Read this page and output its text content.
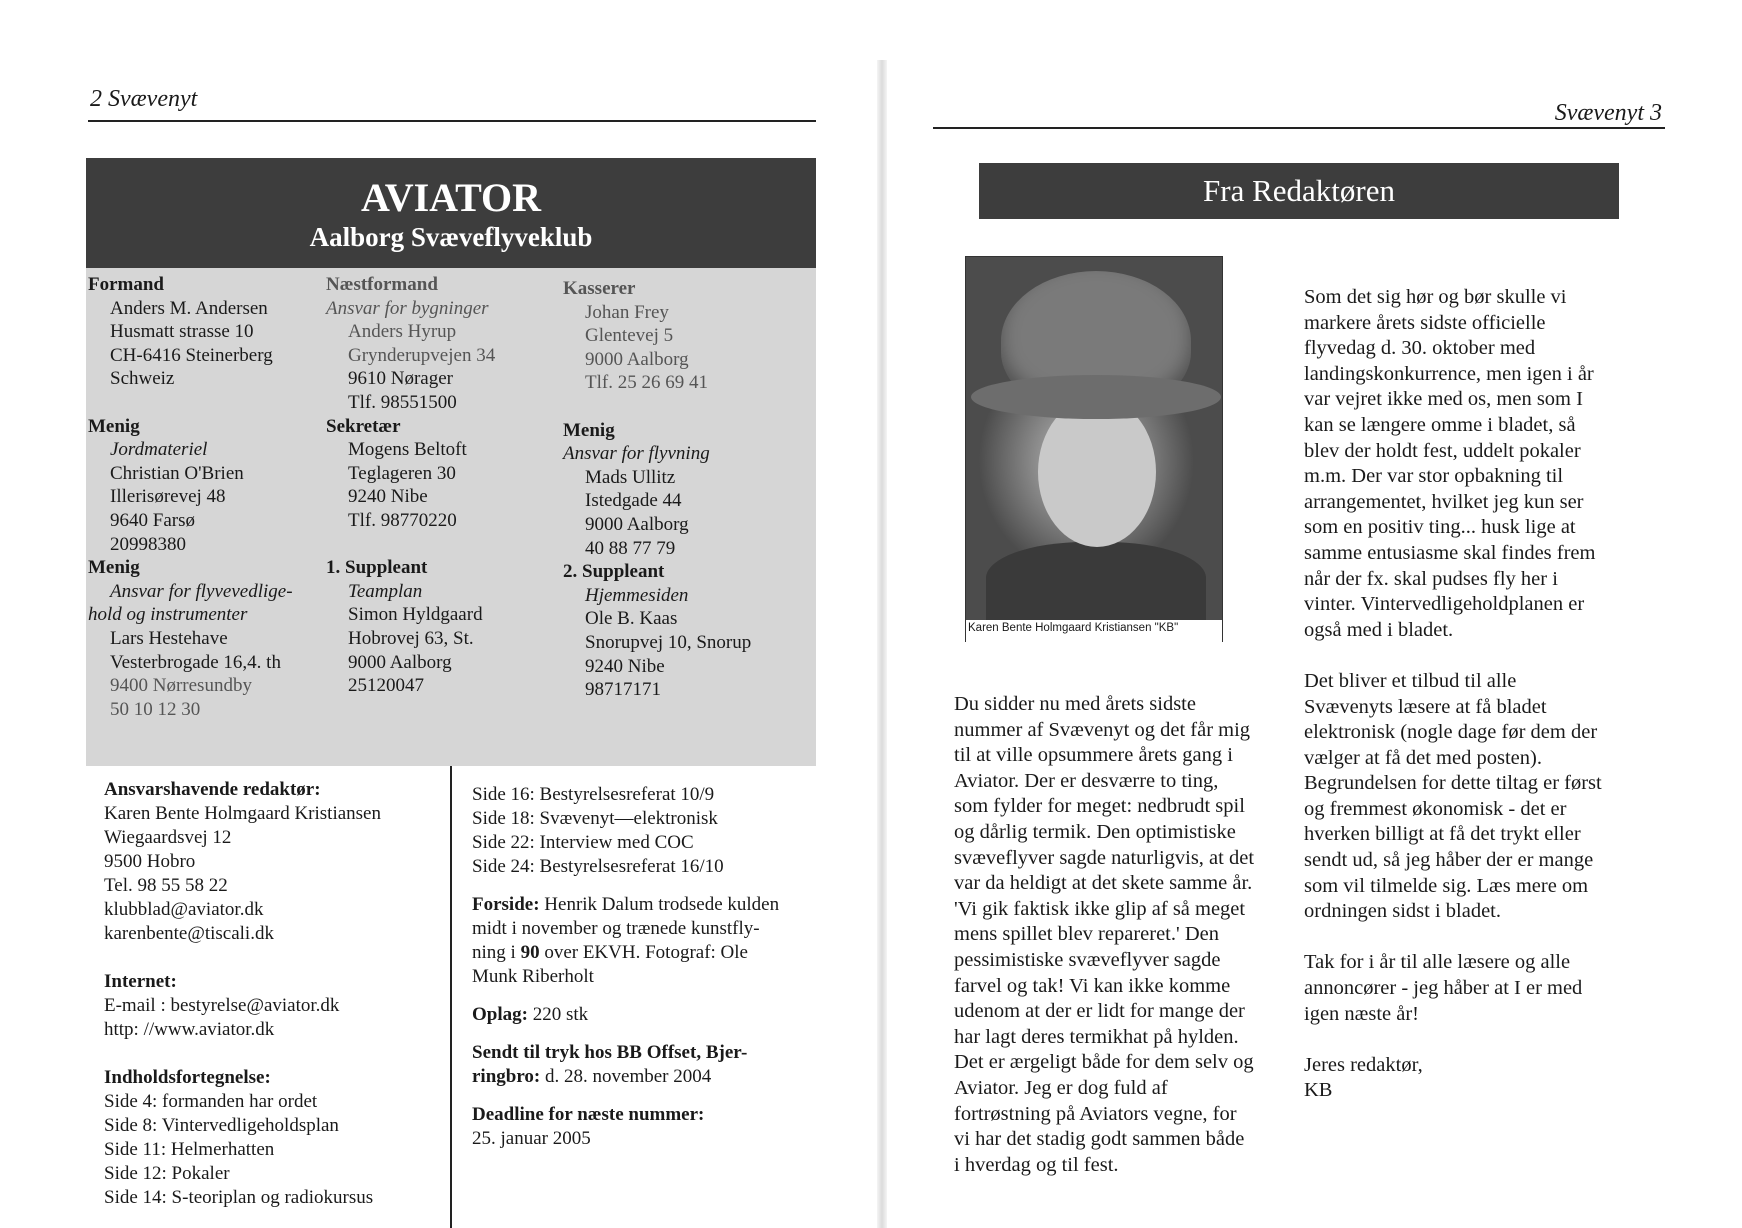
2 Svævenyt
AVIATOR
Aalborg Svæveflyveklub
Formand
Anders M. Andersen
Husmatt strasse 10
CH-6416 Steinerberg
Schweiz

Menig
Jordmateriel
Christian O'Brien
Illerisørevej 48
9640 Farsø
20998380
Menig
Ansvar for flyvevedlige-
hold og instrumenter
Lars Hestehave
Vesterbrogade 16,4. th
9400 Nørresundby
50 10 12 30
Næstformand
Ansvar for bygninger
Anders Hyrup
Grynderupvejen 34
9610 Nørager
Tlf. 98551500
Sekretær
Mogens Beltoft
Teglageren 30
9240 Nibe
Tlf. 98770220

1. Suppleant
Teamplan
Simon Hyldgaard
Hobrovej 63, St.
9000 Aalborg
25120047
Kasserer
Johan Frey
Glentevej 5
9000 Aalborg
Tlf. 25 26 69 41

Menig
Ansvar for flyvning
Mads Ullitz
Istedgade 44
9000 Aalborg
40 88 77 79
2. Suppleant
Hjemmesiden
Ole B. Kaas
Snorupvej 10, Snorup
9240 Nibe
98717171
Ansvarshavende redaktør:
Karen Bente Holmgaard Kristiansen
Wiegaardsvej 12
9500 Hobro
Tel. 98 55 58 22
klubblad@aviator.dk
karenbente@tiscali.dk

Internet:
E-mail : bestyrelse@aviator.dk
http: //www.aviator.dk

Indholdsfortegnelse:
Side 4: formanden har ordet
Side 8: Vintervedligeholdsplan
Side 11: Helmerhatten
Side 12: Pokaler
Side 14: S-teoriplan og radiokursus
Side 16: Bestyrelsesreferat 10/9
Side 18: Svævenyt—elektronisk
Side 22: Interview med COC
Side 24: Bestyrelsesreferat 16/10
Forside: Henrik Dalum trodsede kulden
midt i november og trænede kunstfly-
ning i 90 over EKVH. Fotograf: Ole
Munk Riberholt
Oplag: 220 stk
Sendt til tryk hos BB Offset, Bjer-
ringbro: d. 28. november 2004
Deadline for næste nummer:
25. januar 2005
Svævenyt 3
Fra Redaktøren
Karen Bente Holmgaard Kristiansen "KB"
Du sidder nu med årets sidste
nummer af Svævenyt og det får mig
til at ville opsummere årets gang i
Aviator. Der er desværre to ting,
som fylder for meget: nedbrudt spil
og dårlig termik. Den optimistiske
svæveflyver sagde naturligvis, at det
var da heldigt at det skete samme år.
'Vi gik faktisk ikke glip af så meget
mens spillet blev repareret.' Den
pessimistiske svæveflyver sagde
farvel og tak! Vi kan ikke komme
udenom at der er lidt for mange der
har lagt deres termikhat på hylden.
Det er ærgeligt både for dem selv og
Aviator. Jeg er dog fuld af
fortrøstning på Aviators vegne, for
vi har det stadig godt sammen både
i hverdag og til fest.
Som det sig hør og bør skulle vi
markere årets sidste officielle
flyvedag d. 30. oktober med
landingskonkurrence, men igen i år
var vejret ikke med os, men som I
kan se længere omme i bladet, så
blev der holdt fest, uddelt pokaler
m.m. Der var stor opbakning til
arrangementet, hvilket jeg kun ser
som en positiv ting... husk lige at
samme entusiasme skal findes frem
når der fx. skal pudses fly her i
vinter. Vintervedligeholdplanen er
også med i bladet.

Det bliver et tilbud til alle
Svævenyts læsere at få bladet
elektronisk (nogle dage før dem der
vælger at få det med posten).
Begrundelsen for dette tiltag er først
og fremmest økonomisk - det er
hverken billigt at få det trykt eller
sendt ud, så jeg håber der er mange
som vil tilmelde sig. Læs mere om
ordningen sidst i bladet.

Tak for i år til alle læsere og alle
annoncører - jeg håber at I er med
igen næste år!

Jeres redaktør,
KB
